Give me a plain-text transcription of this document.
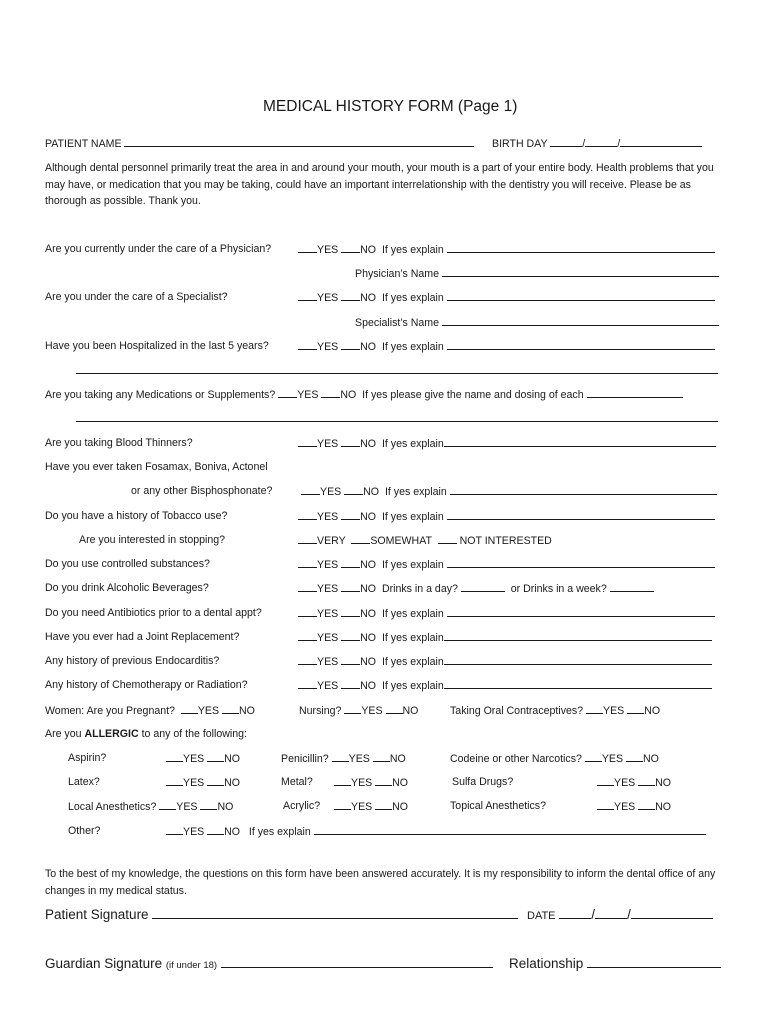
MEDICAL HISTORY FORM (Page 1)
PATIENT NAME	BIRTH DAY	/	/
Although dental personnel primarily treat the area in and around your mouth, your mouth is a part of your entire body. Health problems that you may have, or medication that you may be taking, could have an important interrelationship with the dentistry you will receive. Please be as thorough as possible. Thank you.
Are you currently under the care of a Physician?	YES NO If yes explain
Physician’s Name
Are you under the care of a Specialist?	YES NO If yes explain
Specialist’s Name
Have you been Hospitalized in the last 5 years?	YES NO If yes explain
Are you taking any Medications or Supplements? YES NO If yes please give the name and dosing of each
Are you taking Blood Thinners?	YES NO If yes explain
Have you ever taken Fosamax, Boniva, Actonel
or any other Bisphosphonate?	YES NO If yes explain
Do you have a history of Tobacco use?	YES NO If yes explain
Are you interested in stopping?	VERY SOMEWHAT	NOT INTERESTED
Do you use controlled substances?	YES NO If yes explain
Do you drink Alcoholic Beverages?	YES NO Drinks in a day?	or Drinks in a week?
Do you need Antibiotics prior to a dental appt?	YES NO If yes explain
Have you ever had a Joint Replacement?	YES NO If yes explain
Any history of previous Endocarditis?	YES NO If yes explain
Any history of Chemotherapy or Radiation?	YES NO If yes explain
Women: Are you Pregnant? YES NO	Nursing? YES NO	Taking Oral Contraceptives? YES NO
Are you ALLERGIC to any of the following:
Aspirin?	YES NO	Penicillin? YES NO	Codeine or other Narcotics? YES NO
Latex?	YES NO	Metal?	YES NO	Sulfa Drugs?	YES NO
Local Anesthetics? YES NO	Acrylic?	YES NO	Topical Anesthetics?	YES NO
Other?	YES NO If yes explain
To the best of my knowledge, the questions on this form have been answered accurately. It is my responsibility to inform the dental office of any changes in my medical status.
Patient Signature	DATE	/ /
Guardian Signature (if under 18)	Relationship
